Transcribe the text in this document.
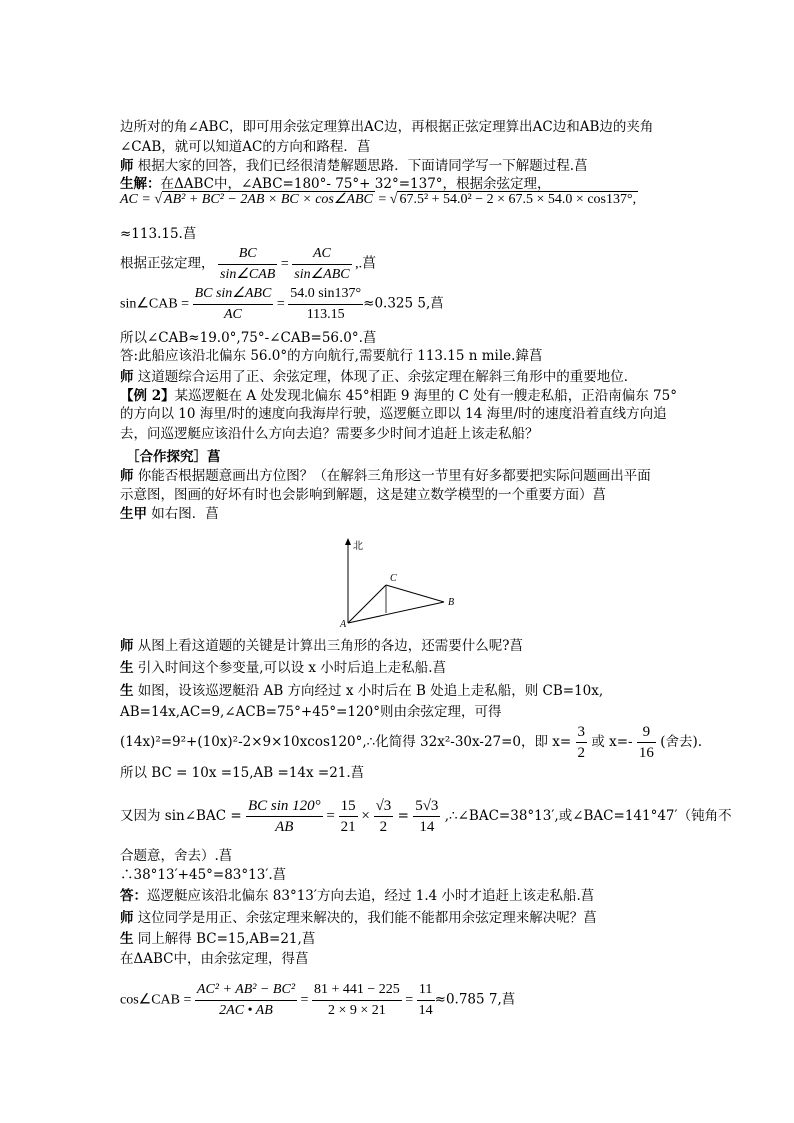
边所对的角∠ABC，即可用余弦定理算出AC边，再根据正弦定理算出AC边和AB边的夹角
∠CAB，就可以知道AC的方向和路程．菖
师 根据大家的回答，我们已经很清楚解题思路．下面请同学写一下解题过程.菖
生解：在ΔABC中，∠ABC=180°- 75°+ 32°=137°，根据余弦定理，
AC = √ AB² + BC² − 2AB × BC × cos∠ABC = √ 67.5² + 54.0² − 2 × 67.5 × 54.0 × cos137°,
≈113.15.菖
根据正弦定理，
BC
sin∠CAB
=
AC
sin∠ABC
,.菖
sin∠CAB =
BC sin∠ABC
AC
= $\frac{54.0 \sin 137^\circ}{113.15} \approx 0.325$ 5,菖
所以∠CAB≈19.0°,75°-∠CAB=56.0°.菖
答:此船应该沿北偏东 56.0°的方向航行,需要航行 113.15 n mile.鍏菖
师 这道题综合运用了正、余弦定理，体现了正、余弦定理在解斜三角形中的重要地位．
【例 2】某巡逻艇在 A 处发现北偏东 45°相距 9 海里的 C 处有一艘走私船，正沿南偏东 75°
的方向以 10 海里/时的速度向我海岸行驶，巡逻艇立即以 14 海里/时的速度沿着直线方向追
去，问巡逻艇应该沿什么方向去追？需要多少时间才追赶上该走私船？
［合作探究］菖
师 你能否根据题意画出方位图？（在解斜三角形这一节里有好多都要把实际问题画出平面
示意图，图画的好坏有时也会影响到解题，这是建立数学模型的一个重要方面）菖
生甲 如右图．菖
北
A
B
C
师 从图上看这道题的关键是计算出三角形的各边，还需要什么呢?菖
生 引入时间这个参变量,可以设 x 小时后追上走私船.菖
生 如图，设该巡逻艇沿 AB 方向经过 x 小时后在 B 处追上走私船，则 CB=10x,
AB=14x,AC=9,∠ACB=75°+45°=120°则由余弦定理，可得
(14x)²=9²+(10x)²-2×9×10xcos120°,∴化简得 32x²-30x-27=0，即 $x= \frac{3}{2}$ 或 $x=- \frac{9}{16}$ (舍去).
所以 BC = 10x =15,AB =14x =21.菖
又因为 sin∠BAC = $\frac{\text{BC sin 120°}}{AB} = \frac{15}{21} \times \frac{√3}{2} = \frac{5√3}{14}$ ,∴∠BAC=38°13′,或∠BAC=141°47′（钝角不
合题意，舍去）.菖
∴38°13′+45°=83°13′.菖
答：巡逻艇应该沿北偏东 83°13′方向去追，经过 1.4 小时才追赶上该走私船.菖
师 这位同学是用正、余弦定理来解决的，我们能不能都用余弦定理来解决呢？菖
生 同上解得 BC=15,AB=21,菖
在ΔABC中，由余弦定理，得菖
cos∠CAB = $\frac{\text{AC² + AB² − BC²}}{2AC • AB} = \frac{81 + 441 - 225}{2 \times 9 \times 21} = \frac{11}{14} \approx 0.785$ 7,菖
